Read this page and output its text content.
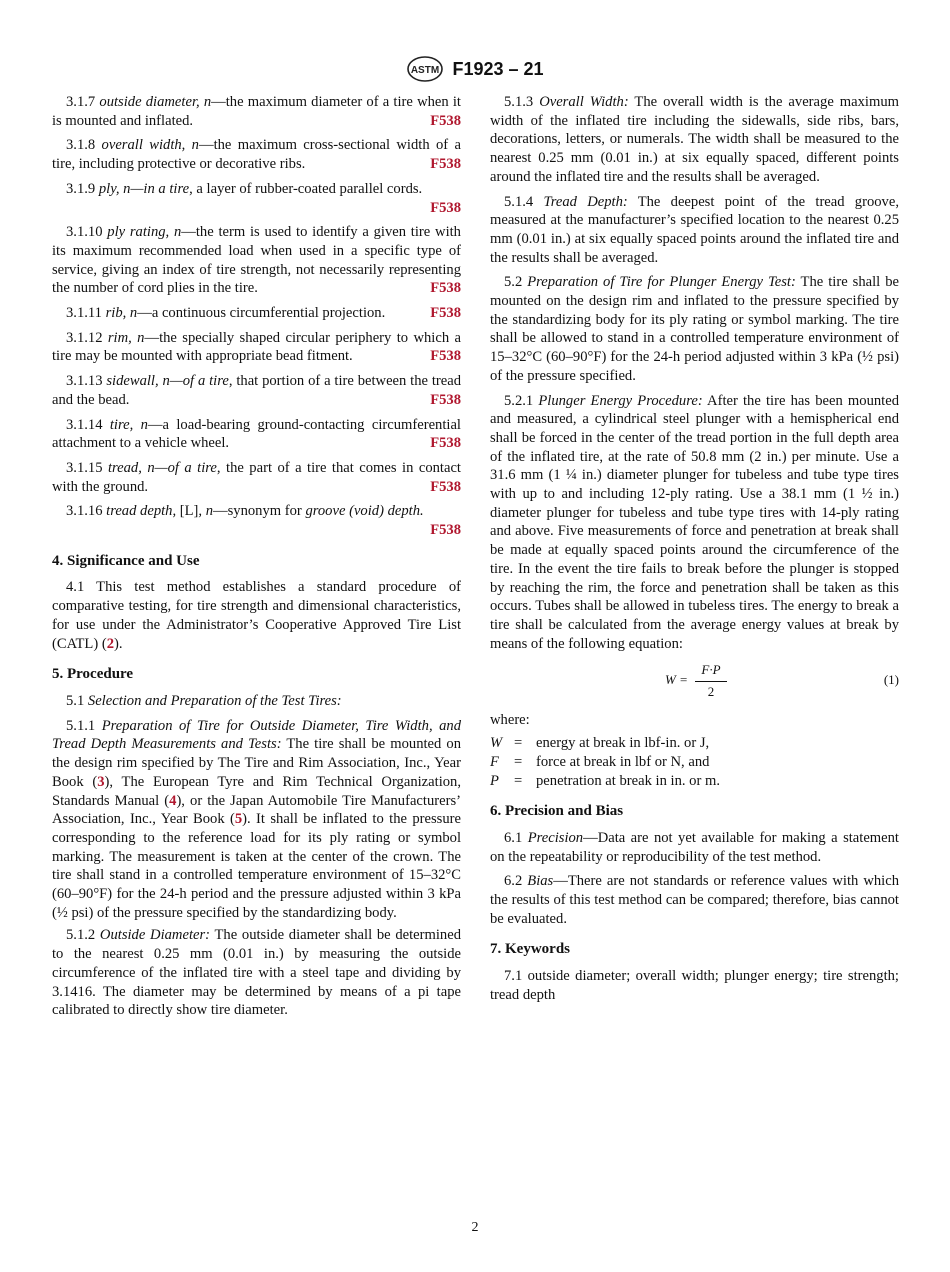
ASTM F1923 – 21

3.1.7 outside diameter, n—the maximum diameter of a tire when it is mounted and inflated.	F538

3.1.8 overall width, n—the maximum cross-sectional width of a tire, including protective or decorative ribs.	F538

3.1.9 ply, n—in a tire, a layer of rubber-coated parallel cords.
F538

3.1.10 ply rating, n—the term is used to identify a given tire with its maximum recommended load when used in a specific type of service, giving an index of tire strength, not necessarily representing the number of cord plies in the tire.	F538

3.1.11 rib, n—a continuous circumferential projection.	F538

3.1.12 rim, n—the specially shaped circular periphery to which a tire may be mounted with appropriate bead fitment.	F538

3.1.13 sidewall, n—of a tire, that portion of a tire between the tread and the bead.	F538

3.1.14 tire, n—a load-bearing ground-contacting circumferential attachment to a vehicle wheel.	F538

3.1.15 tread, n—of a tire, the part of a tire that comes in contact with the ground.	F538

3.1.16 tread depth, [L], n—synonym for groove (void) depth.
F538

4. Significance and Use

4.1 This test method establishes a standard procedure of comparative testing, for tire strength and dimensional characteristics, for use under the Administrator’s Cooperative Approved Tire List (CATL) (2).

5. Procedure

5.1 Selection and Preparation of the Test Tires:

5.1.1 Preparation of Tire for Outside Diameter, Tire Width, and Tread Depth Measurements and Tests: The tire shall be mounted on the design rim specified by The Tire and Rim Association, Inc., Year Book (3), The European Tyre and Rim Technical Organization, Standards Manual (4), or the Japan Automobile Tire Manufacturers’ Association, Inc., Year Book (5). It shall be inflated to the pressure corresponding to the reference load for its ply rating or symbol marking. The measurement is taken at the center of the crown. The tire shall stand in a controlled temperature environment of 15–32°C (60–90°F) for the 24-h period and the pressure adjusted within 3 kPa (½ psi) of the pressure specified by the standardizing body.

5.1.2 Outside Diameter: The outside diameter shall be determined to the nearest 0.25 mm (0.01 in.) by measuring the outside circumference of the inflated tire with a steel tape and dividing by 3.1416. The diameter may be determined by means of a pi tape calibrated to directly show tire diameter.

5.1.3 Overall Width: The overall width is the average maximum width of the inflated tire including the sidewalls, side ribs, bars, decorations, letters, or numerals. The width shall be measured to the nearest 0.25 mm (0.01 in.) at six equally spaced, different points around the inflated tire and the results shall be averaged.

5.1.4 Tread Depth: The deepest point of the tread groove, measured at the manufacturer’s specified location to the nearest 0.25 mm (0.01 in.) at six equally spaced points around the inflated tire and the results shall be averaged.

5.2 Preparation of Tire for Plunger Energy Test: The tire shall be mounted on the design rim and inflated to the pressure specified by the standardizing body for its ply rating or symbol marking. The tire shall be allowed to stand in a controlled temperature environment of 15–32°C (60–90°F) for the 24-h period adjusted within 3 kPa (½ psi) of the pressure specified.

5.2.1 Plunger Energy Procedure: After the tire has been mounted and measured, a cylindrical steel plunger with a hemispherical end shall be forced in the center of the tread portion in the full depth area of the inflated tire, at the rate of 50.8 mm (2 in.) per minute. Use a 31.6 mm (1 ¼ in.) diameter plunger for tubeless and tube type tires with up to and including 12-ply rating. Use a 38.1 mm (1 ½ in.) diameter plunger for tubeless and tube type tires with 14-ply rating and above. Five measurements of force and penetration at break shall be made at equally spaced points around the circumference of the tire. In the event the tire fails to break before the plunger is stopped by reaching the rim, the force and penetration shall be taken as this occurs. Tubes shall be allowed in tubeless tires. The energy to break a tire shall be calculated from the average energy values at break by means of the following equation:

$W = \frac{F\cdot P}{2}$	(1)

where:

W = energy at break in lbf-in. or J,
F	= force at break in lbf or N, and
P	= penetration at break in in. or m.
6. Precision and Bias

6.1 Precision—Data are not yet available for making a statement on the repeatability or reproducibility of the test method.

6.2 Bias—There are not standards or reference values with which the results of this test method can be compared; therefore, bias cannot be evaluated.

7. Keywords

7.1 outside diameter; overall width; plunger energy; tire strength; tread depth

2
